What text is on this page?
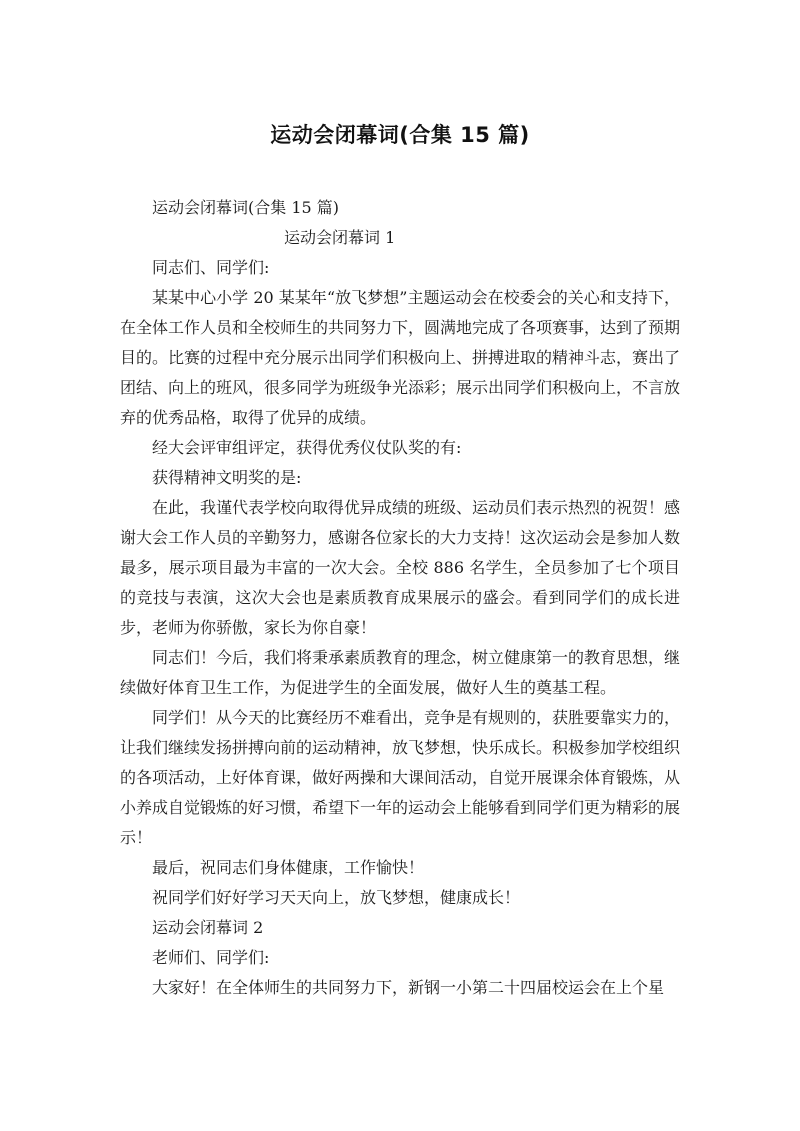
运动会闭幕词(合集 15 篇)

运动会闭幕词(合集 15 篇)

运动会闭幕词 1

同志们、同学们:

某某中心小学 20 某某年“放飞梦想”主题运动会在校委会的关心和支持下，在全体工作人员和全校师生的共同努力下，圆满地完成了各项赛事，达到了预期目的。比赛的过程中充分展示出同学们积极向上、拼搏进取的精神斗志，赛出了团结、向上的班风，很多同学为班级争光添彩；展示出同学们积极向上，不言放弃的优秀品格，取得了优异的成绩。

经大会评审组评定，获得优秀仪仗队奖的有:

获得精神文明奖的是:

在此，我谨代表学校向取得优异成绩的班级、运动员们表示热烈的祝贺！感谢大会工作人员的辛勤努力，感谢各位家长的大力支持！这次运动会是参加人数最多，展示项目最为丰富的一次大会。全校 886 名学生，全员参加了七个项目的竞技与表演，这次大会也是素质教育成果展示的盛会。看到同学们的成长进步，老师为你骄傲，家长为你自豪！

同志们！今后，我们将秉承素质教育的理念，树立健康第一的教育思想，继续做好体育卫生工作，为促进学生的全面发展，做好人生的奠基工程。

同学们！从今天的比赛经历不难看出，竞争是有规则的，获胜要靠实力的，让我们继续发扬拼搏向前的运动精神，放飞梦想，快乐成长。积极参加学校组织的各项活动，上好体育课，做好两操和大课间活动，自觉开展课余体育锻炼，从小养成自觉锻炼的好习惯，希望下一年的运动会上能够看到同学们更为精彩的展示！

最后，祝同志们身体健康，工作愉快！

祝同学们好好学习天天向上，放飞梦想，健康成长！

运动会闭幕词 2

老师们、同学们:

大家好！在全体师生的共同努力下，新钢一小第二十四届校运会在上个星
